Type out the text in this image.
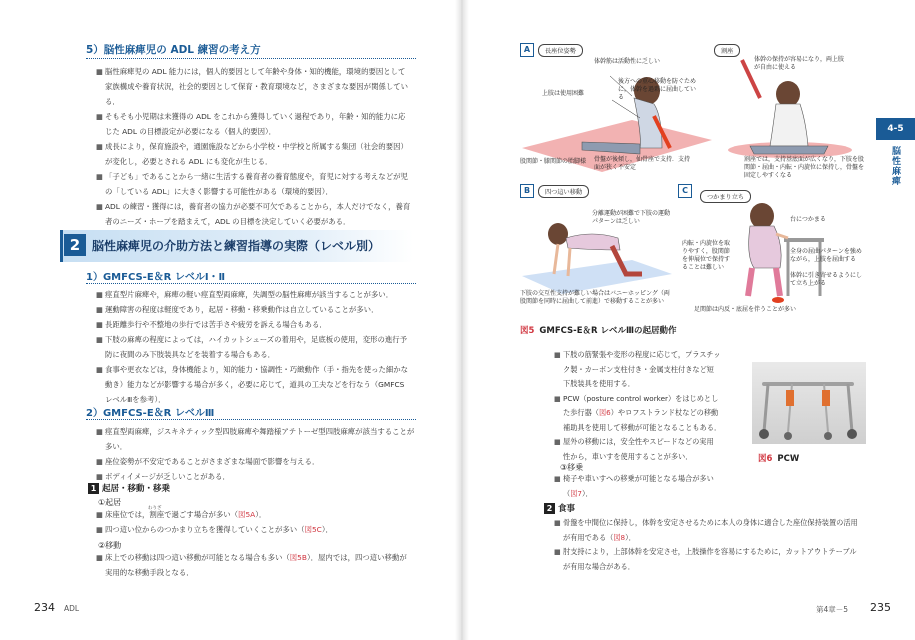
5）脳性麻痺児の ADL 練習の考え方

■ 脳性麻痺児の ADL 能力には，個人的要因として年齢や身体・知的機能，環境的要因として

家族構成や養育状況，社会的要因として保育・教育環境など，さまざまな要因が関係してい

る．

■ そもそも小児期は未獲得の ADL をこれから獲得していく過程であり，年齢・知的能力に応

じた ADL の目標設定が必要になる（個人的要因）．

■ 成長により，保育施設や，通園施設などから小学校・中学校と所属する集団（社会的要因）

が変化し，必要とされる ADL にも変化が生じる．

■ 「子ども」であることから一緒に生活する養育者の養育態度や，育児に対する考えなどが児

の「している ADL」に大きく影響する可能性がある（環境的要因）．

■ ADL の練習・獲得には，養育者の協力が必要不可欠であることから，本人だけでなく，養育

者のニーズ・ホープを踏まえて，ADL の目標を決定していく必要がある．

2 脳性麻痺児の介助方法と練習指導の実際（レベル別）
1）GMFCS-E＆R レベルⅠ・Ⅱ

■ 痙直型片麻痺や，麻痺の軽い痙直型両麻痺，失調型の脳性麻痺が該当することが多い．

■ 運動障害の程度は軽度であり，起居・移動・移乗動作は自立していることが多い．

■ 長距離歩行や不整地の歩行では苦手さや疲労を訴える場合もある．

■ 下肢の麻痺の程度によっては，ハイカットシューズの着用や，足底板の使用，変形の進行予

防に夜間のみ下肢装具などを装着する場合もある．

■ 食事や更衣などは，身体機能より，知的能力・協調性・巧緻動作（手・指先を使った細かな

動き）能力などが影響する場合が多く，必要に応じて，道具の工夫などを行なう（GMFCS

レベルⅢを参考）．

2）GMFCS-E＆R レベルⅢ

■ 痙直型両麻痺，ジスキネティック型四肢麻痺や舞踏様アテトーゼ型四肢麻痺が該当することが

多い．

■ 座位姿勢が不安定であることがさまざまな場面で影響を与える．

■ ボディイメージが乏しいことがある．

1 起居・移動・移乗
①起居

■ 床座位では，割座で過ごす場合が多い（図5A）．
わりざ

■ 四つ這い位からのつかまり立ちを獲得していくことが多い（図5C）．

②移動

■ 床上での移動は四つ這い移動が可能となる場合も多い（図5B）．屋内では，四つ這い移動が

実用的な移動手段となる．

234 ADL
4-5
脳性麻痺
A	長座位姿勢
体幹筋は活動性に乏しい
後方への重心移動を防ぐために，体幹を過剰に屈曲している
上肢は使用困難
股関節・膝関節の胎脚様	骨盤が後傾し，仙骨座で支持．支持面が狭く不安定
割座
体幹の保持が容易になり，両上肢が自由に使える
割座では，支持基底面が広くなり，下肢を股関節・屈曲・内転・内旋位に保持し，骨盤を固定しやすくなる
B	四つ這い移動
分離運動が困難で下肢の運動パターンは乏しい
下肢の交互性支持が難しい場合はバニーホッピング（両股関節を同時に屈曲して前進）で移動することが多い
C
つかまり立ち
台につかまる
内転・内旋位を取りやすく，股関節を伸展位で保持することは難しい
全身の屈曲パターンを強めながら，上肢を屈曲する
体幹に引き寄せるようにして立ち上がる
足関節は内反・底屈を伴うことが多い
図5 GMFCS-E＆R レベルⅢの起居動作

■ 下肢の筋緊張や変形の程度に応じて，プラスチッ

ク製・カーボン支柱付き・金属支柱付きなど短

下肢装具を使用する．

■ PCW（posture control worker）をはじめとし

た歩行器（図6）やロフストランド杖などの移動

補助具を使用して移動が可能となることもある．

■ 屋外の移動には，安全性やスピードなどの実用

性から，車いすを使用することが多い．	図6 PCW
③移乗

■ 椅子や車いすへの移乗が可能となる場合が多い

（図7）．

2 食事

■ 骨盤を中間位に保持し，体幹を安定させるために本人の身体に適合した座位保持装置の活用

が有用である（図8）．

■ 肘支持により，上部体幹を安定させ，上肢操作を容易にするために，カットアウトテーブル

が有用な場合がある．

第4章－5 235
